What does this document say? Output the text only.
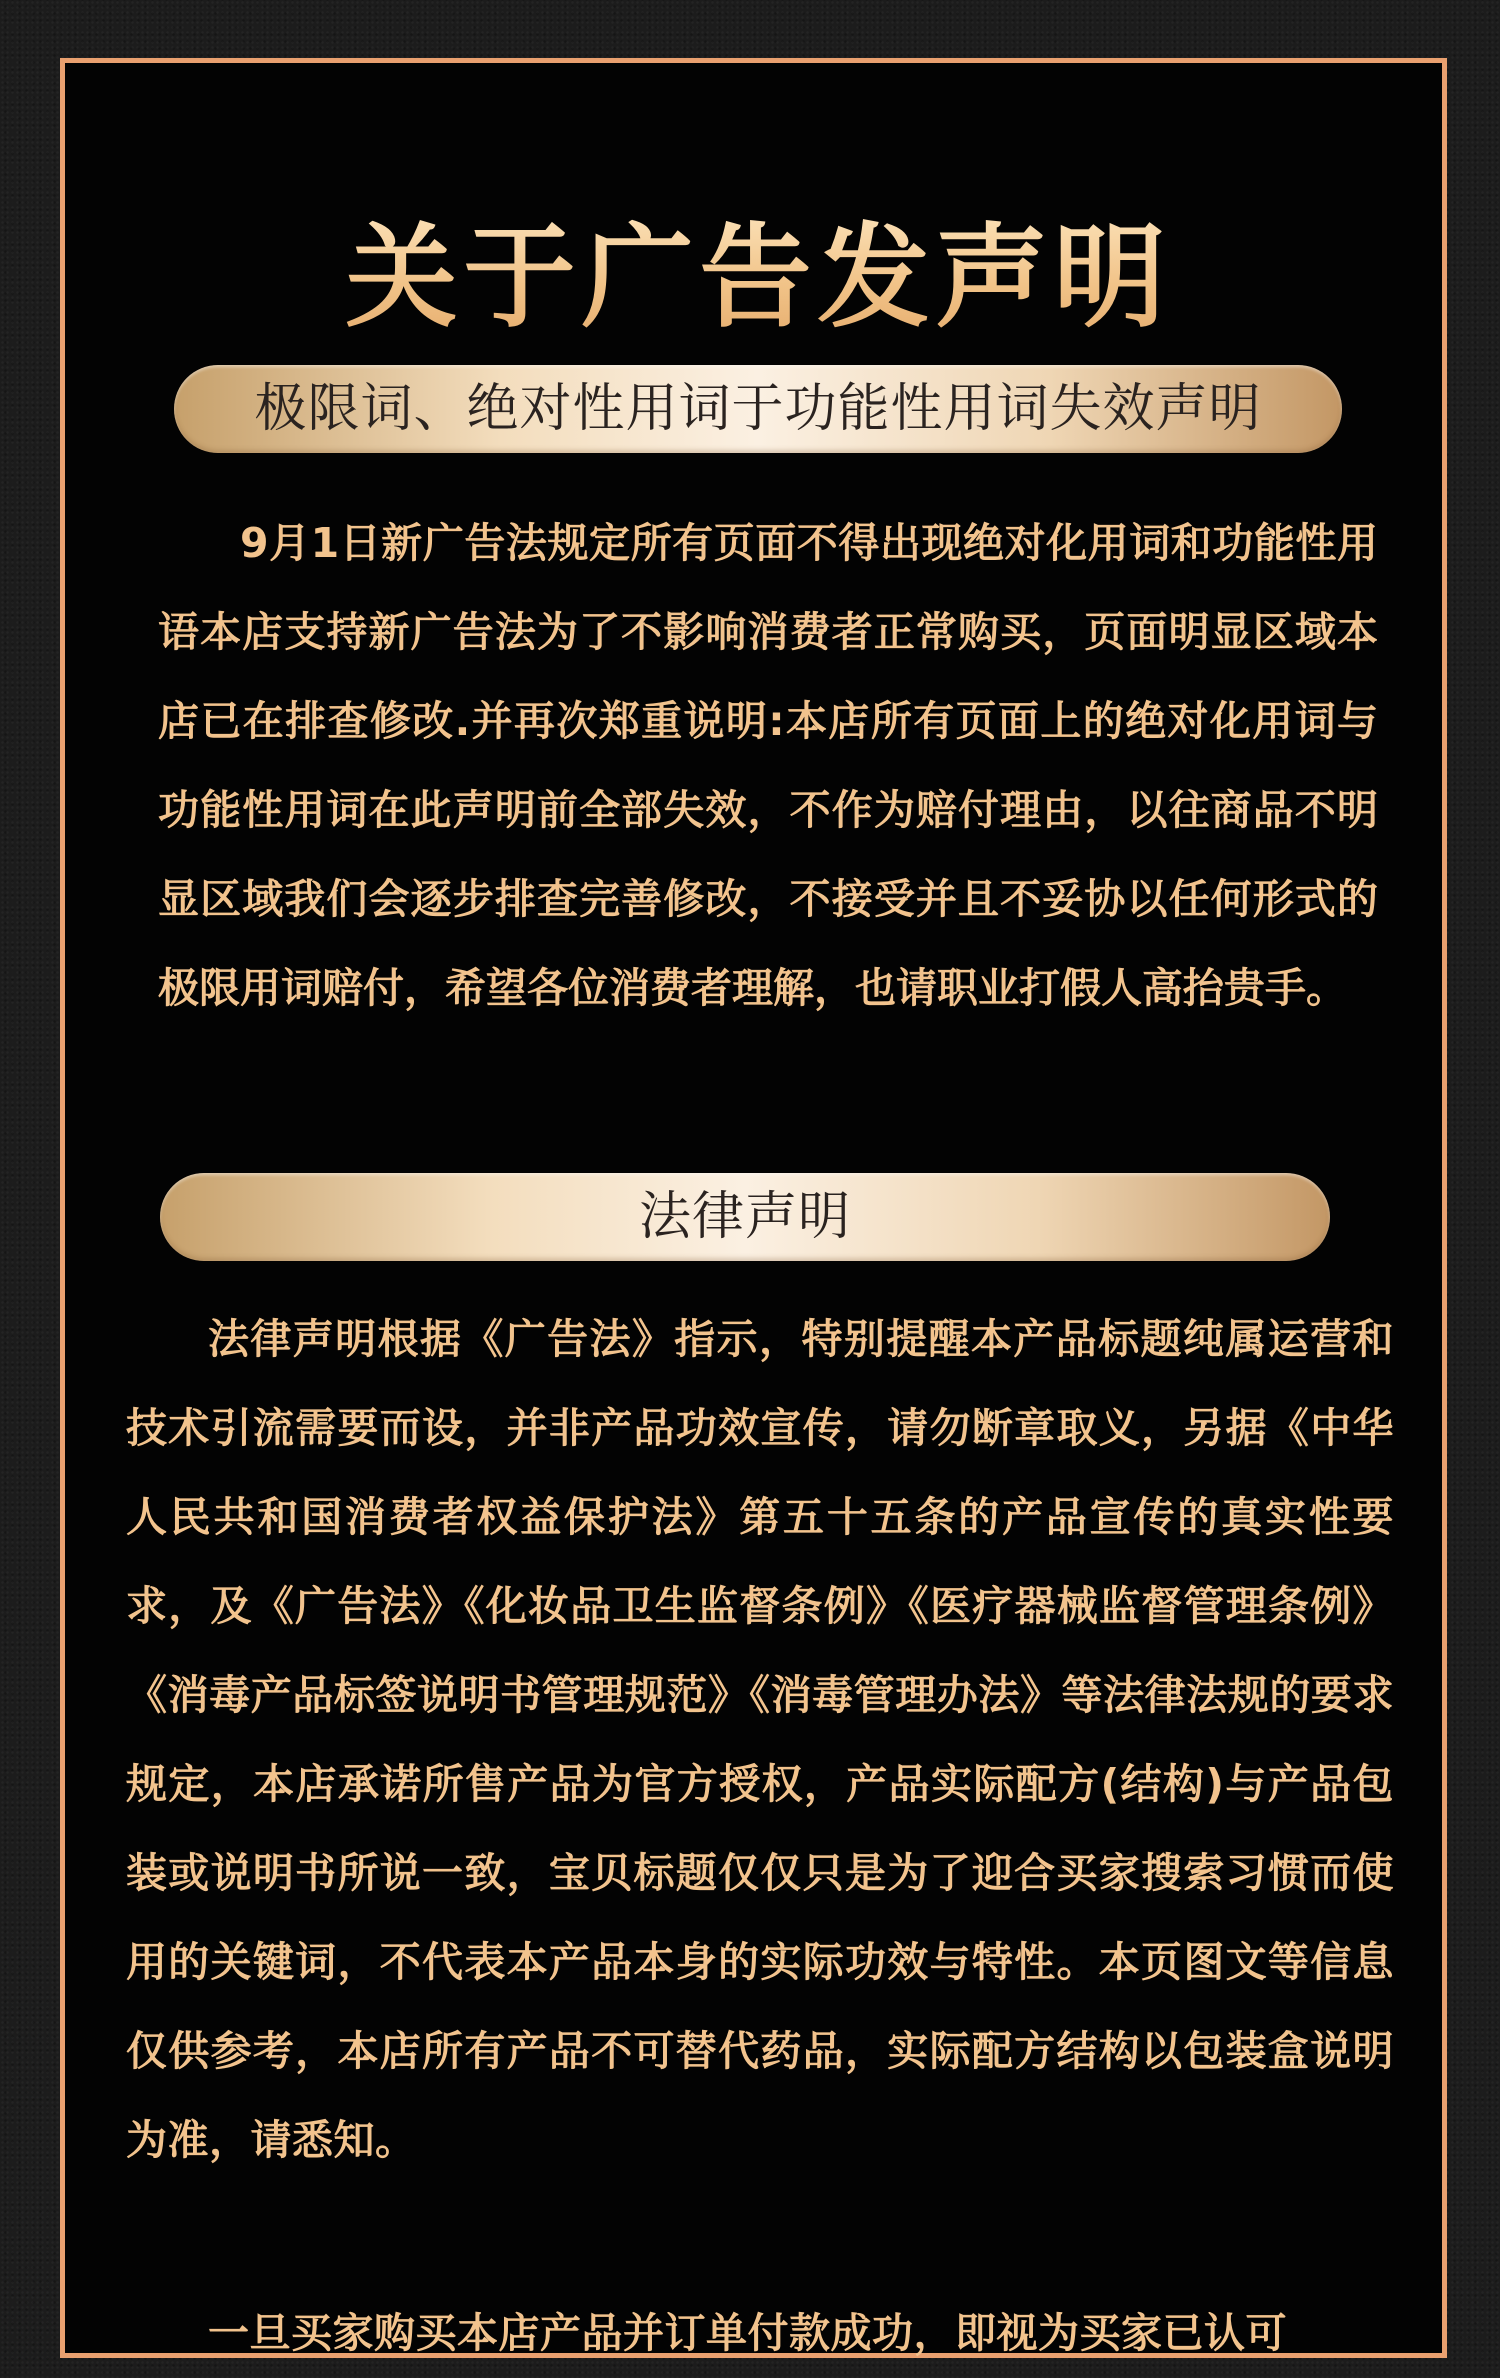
关于广告发声明
极限词、绝对性用词于功能性用词失效声明

9月1日新广告法规定所有页面不得出现绝对化用词和功能性用语本店支持新广告法为了不影响消费者正常购买，页面明显区域本店已在排查修改.并再次郑重说明:本店所有页面上的绝对化用词与功能性用词在此声明前全部失效，不作为赔付理由，以往商品不明显区域我们会逐步排查完善修改，不接受并且不妥协以任何形式的极限用词赔付，希望各位消费者理解，也请职业打假人高抬贵手。

法律声明

法律声明根据《广告法》指示，特别提醒本产品标题纯属运营和技术引流需要而设，并非产品功效宣传，请勿断章取义，另据《中华人民共和国消费者权益保护法》第五十五条的产品宣传的真实性要求，及《广告法》《化妆品卫生监督条例》《医疗器械监督管理条例》《消毒产品标签说明书管理规范》《消毒管理办法》等法律法规的要求规定，本店承诺所售产品为官方授权，产品实际配方(结构)与产品包装或说明书所说一致，宝贝标题仅仅只是为了迎合买家搜索习惯而使用的关键词，不代表本产品本身的实际功效与特性。本页图文等信息仅供参考，本店所有产品不可替代药品，实际配方结构以包装盒说明为准，请悉知。

一旦买家购买本店产品并订单付款成功，即视为买家已认可
